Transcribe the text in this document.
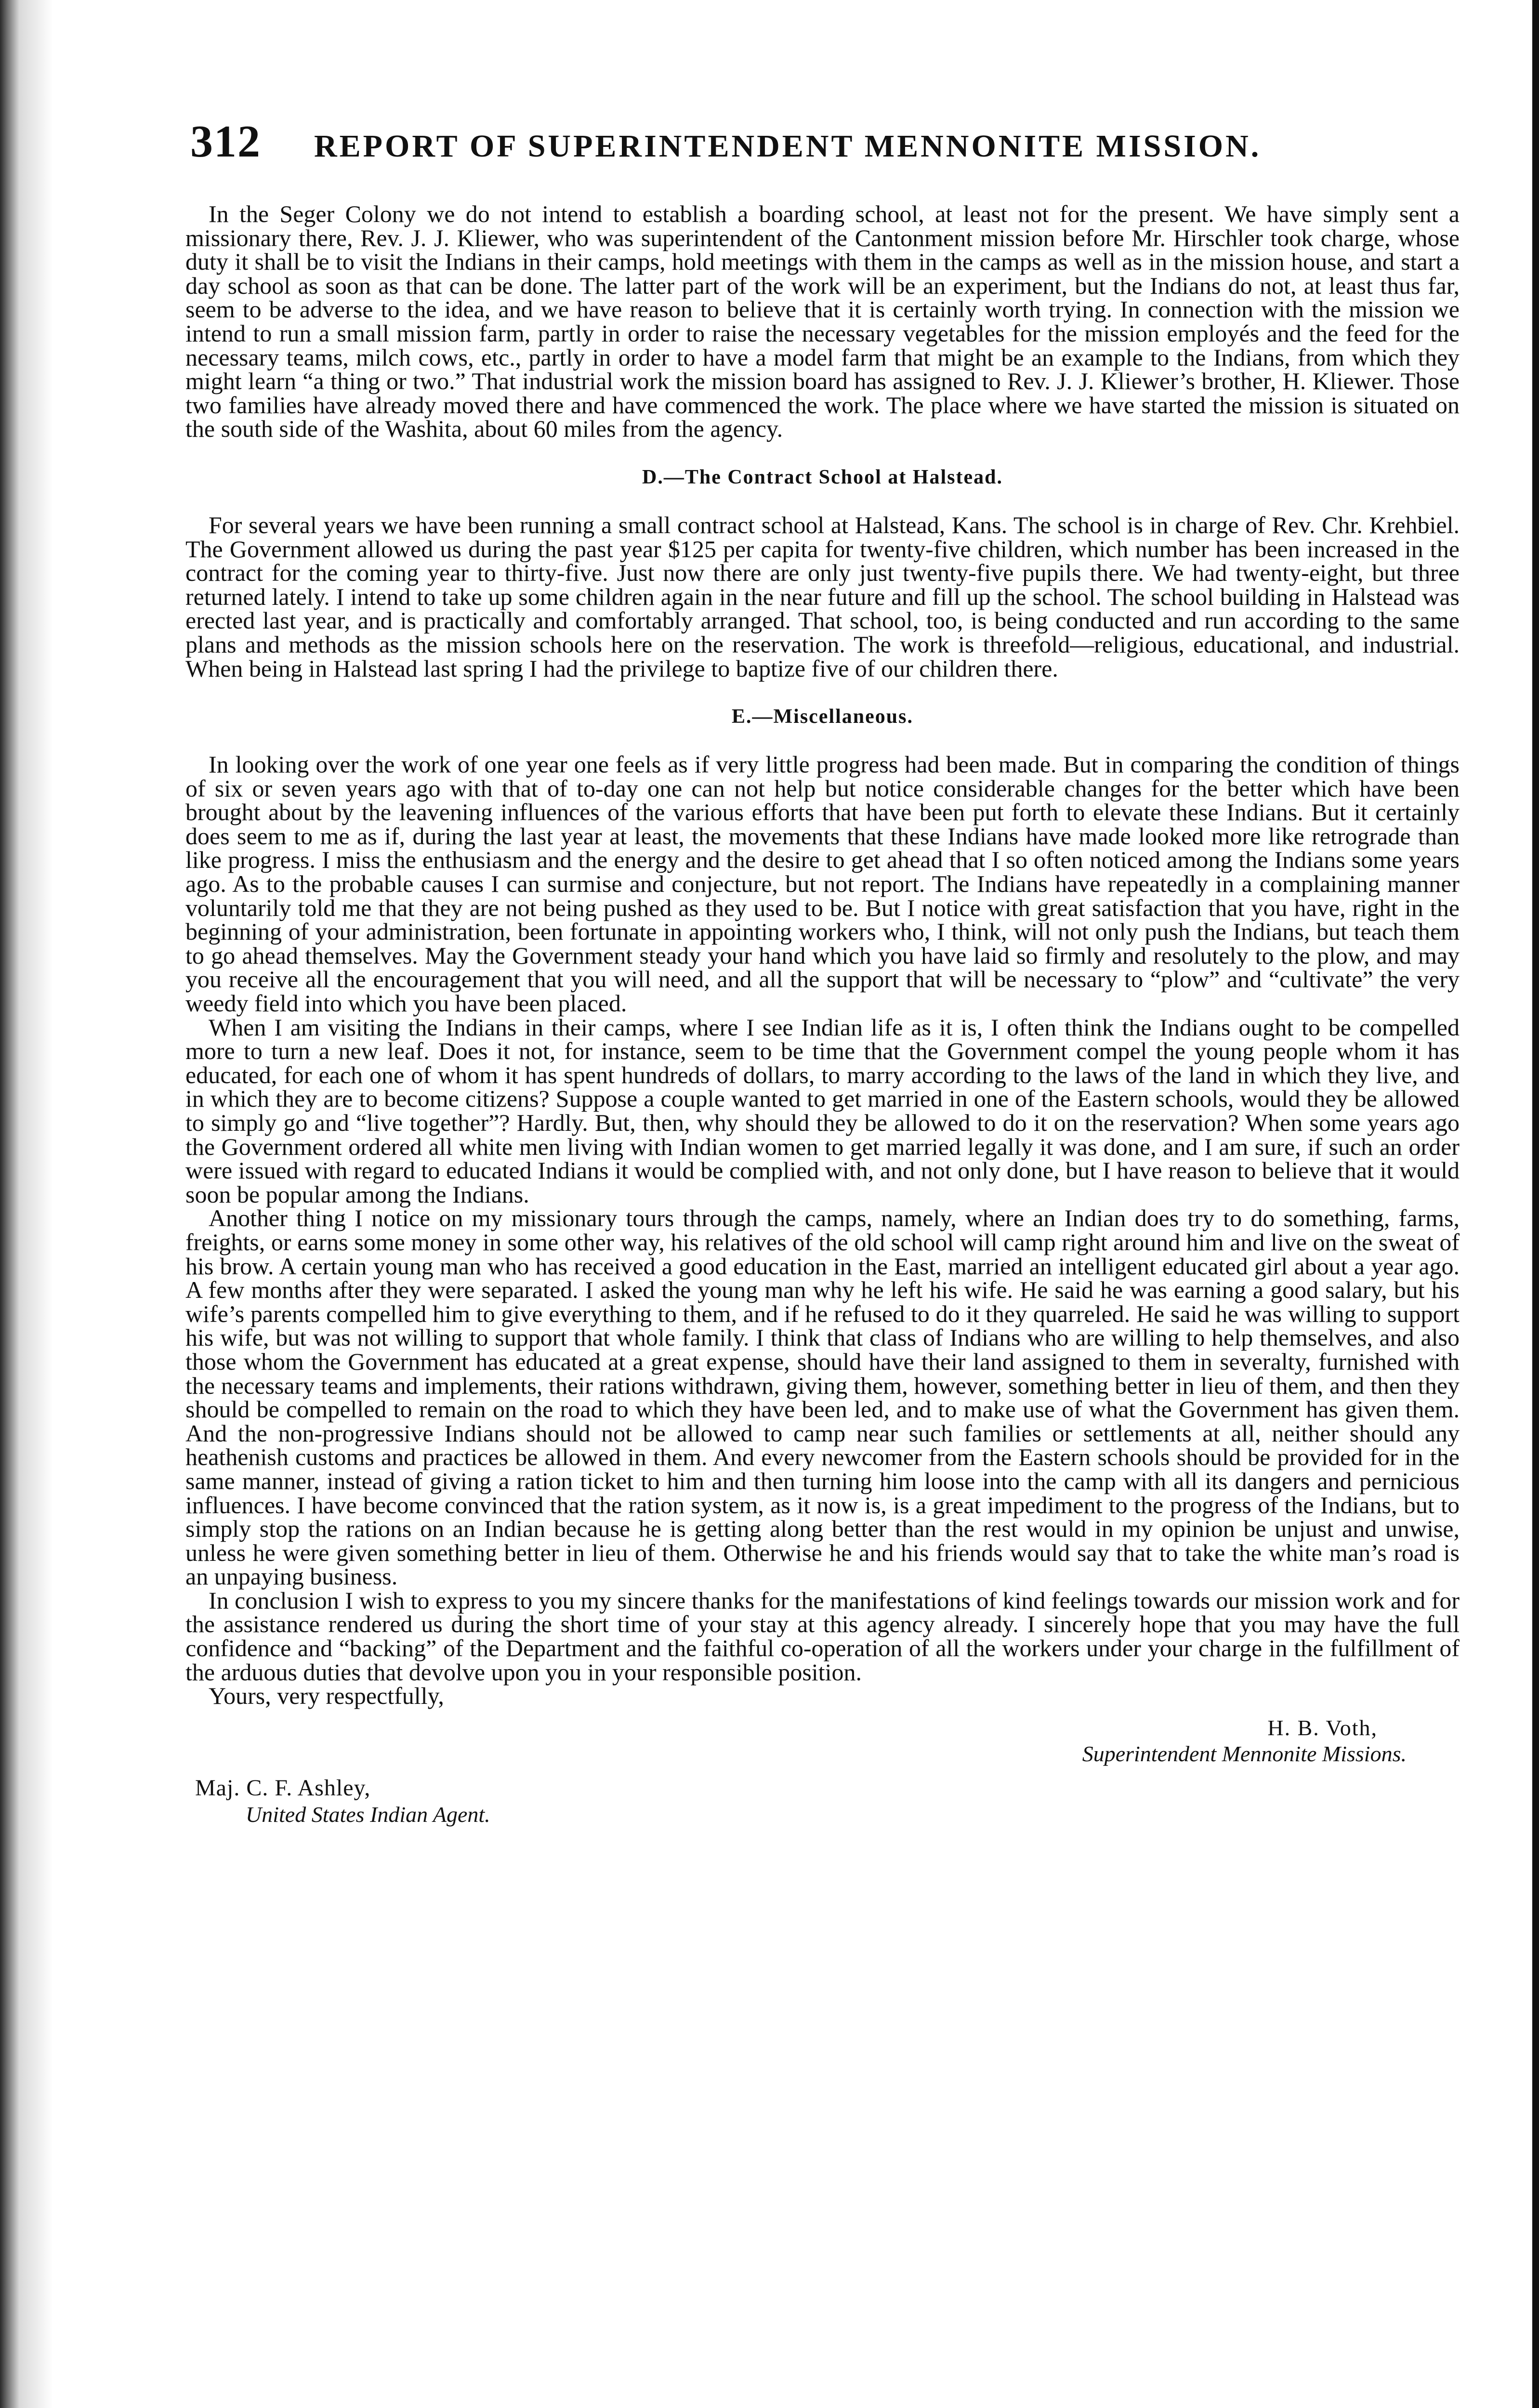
312 REPORT OF SUPERINTENDENT MENNONITE MISSION.

In the Seger Colony we do not intend to establish a boarding school, at least not for the present. We have simply sent a missionary there, Rev. J. J. Kliewer, who was superintendent of the Cantonment mission before Mr. Hirschler took charge, whose duty it shall be to visit the Indians in their camps, hold meetings with them in the camps as well as in the mission house, and start a day school as soon as that can be done. The latter part of the work will be an experiment, but the Indians do not, at least thus far, seem to be adverse to the idea, and we have reason to believe that it is certainly worth trying. In connection with the mission we intend to run a small mission farm, partly in order to raise the necessary vegetables for the mission employés and the feed for the necessary teams, milch cows, etc., partly in order to have a model farm that might be an example to the Indians, from which they might learn “a thing or two.” That industrial work the mission board has assigned to Rev. J. J. Kliewer’s brother, H. Kliewer. Those two families have already moved there and have commenced the work. The place where we have started the mission is situated on the south side of the Washita, about 60 miles from the agency.

D.—The Contract School at Halstead.

For several years we have been running a small contract school at Halstead, Kans. The school is in charge of Rev. Chr. Krehbiel. The Government allowed us during the past year $125 per capita for twenty-five children, which number has been increased in the contract for the coming year to thirty-five. Just now there are only just twenty-five pupils there. We had twenty-eight, but three returned lately. I intend to take up some children again in the near future and fill up the school. The school building in Halstead was erected last year, and is practically and comfortably arranged. That school, too, is being conducted and run according to the same plans and methods as the mission schools here on the reservation. The work is threefold—religious, educational, and industrial. When being in Halstead last spring I had the privilege to baptize five of our children there.

E.—Miscellaneous.

In looking over the work of one year one feels as if very little progress had been made. But in comparing the condition of things of six or seven years ago with that of to-day one can not help but notice considerable changes for the better which have been brought about by the leavening influences of the various efforts that have been put forth to elevate these Indians. But it certainly does seem to me as if, during the last year at least, the movements that these Indians have made looked more like retrograde than like progress. I miss the enthusiasm and the energy and the desire to get ahead that I so often noticed among the Indians some years ago. As to the probable causes I can surmise and conjecture, but not report. The Indians have repeatedly in a complaining manner voluntarily told me that they are not being pushed as they used to be. But I notice with great satisfaction that you have, right in the beginning of your administration, been fortunate in appointing workers who, I think, will not only push the Indians, but teach them to go ahead themselves. May the Government steady your hand which you have laid so firmly and resolutely to the plow, and may you receive all the encouragement that you will need, and all the support that will be necessary to “plow” and “cultivate” the very weedy field into which you have been placed.

When I am visiting the Indians in their camps, where I see Indian life as it is, I often think the Indians ought to be compelled more to turn a new leaf. Does it not, for instance, seem to be time that the Government compel the young people whom it has educated, for each one of whom it has spent hundreds of dollars, to marry according to the laws of the land in which they live, and in which they are to become citizens? Suppose a couple wanted to get married in one of the Eastern schools, would they be allowed to simply go and “live together”? Hardly. But, then, why should they be allowed to do it on the reservation? When some years ago the Government ordered all white men living with Indian women to get married legally it was done, and I am sure, if such an order were issued with regard to educated Indians it would be complied with, and not only done, but I have reason to believe that it would soon be popular among the Indians.

Another thing I notice on my missionary tours through the camps, namely, where an Indian does try to do something, farms, freights, or earns some money in some other way, his relatives of the old school will camp right around him and live on the sweat of his brow. A certain young man who has received a good education in the East, married an intelligent educated girl about a year ago. A few months after they were separated. I asked the young man why he left his wife. He said he was earning a good salary, but his wife’s parents compelled him to give everything to them, and if he refused to do it they quarreled. He said he was willing to support his wife, but was not willing to support that whole family. I think that class of Indians who are willing to help themselves, and also those whom the Government has educated at a great expense, should have their land assigned to them in severalty, furnished with the necessary teams and implements, their rations withdrawn, giving them, however, something better in lieu of them, and then they should be compelled to remain on the road to which they have been led, and to make use of what the Government has given them. And the non-progressive Indians should not be allowed to camp near such families or settlements at all, neither should any heathenish customs and practices be allowed in them. And every newcomer from the Eastern schools should be provided for in the same manner, instead of giving a ration ticket to him and then turning him loose into the camp with all its dangers and pernicious influences. I have become convinced that the ration system, as it now is, is a great impediment to the progress of the Indians, but to simply stop the rations on an Indian because he is getting along better than the rest would in my opinion be unjust and unwise, unless he were given something better in lieu of them. Otherwise he and his friends would say that to take the white man’s road is an unpaying business.

In conclusion I wish to express to you my sincere thanks for the manifestations of kind feelings towards our mission work and for the assistance rendered us during the short time of your stay at this agency already. I sincerely hope that you may have the full confidence and “backing” of the Department and the faithful co-operation of all the workers under your charge in the fulfillment of the arduous duties that devolve upon you in your responsible position.

Yours, very respectfully,

H. B. Voth,
Superintendent Mennonite Missions.
Maj. C. F. Ashley,
United States Indian Agent.
